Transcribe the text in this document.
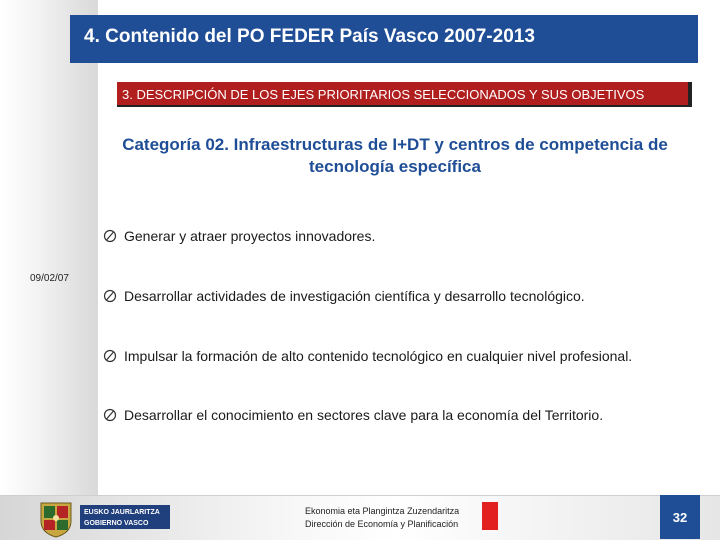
4. Contenido del PO FEDER País Vasco 2007-2013
3. DESCRIPCIÓN DE LOS EJES PRIORITARIOS SELECCIONADOS Y SUS OBJETIVOS
Categoría 02. Infraestructuras de I+DT y centros de competencia de
tecnología específica
09/02/07
Generar y atraer proyectos innovadores.
Desarrollar actividades de investigación científica y desarrollo tecnológico.
Impulsar la formación de alto contenido tecnológico en cualquier nivel profesional.
Desarrollar el conocimiento en sectores clave para la economía del Territorio.
EUSKO JAURLARITZA
GOBIERNO VASCO
Ekonomia eta Plangintza Zuzendaritza
Dirección de Economía y Planificación	32
